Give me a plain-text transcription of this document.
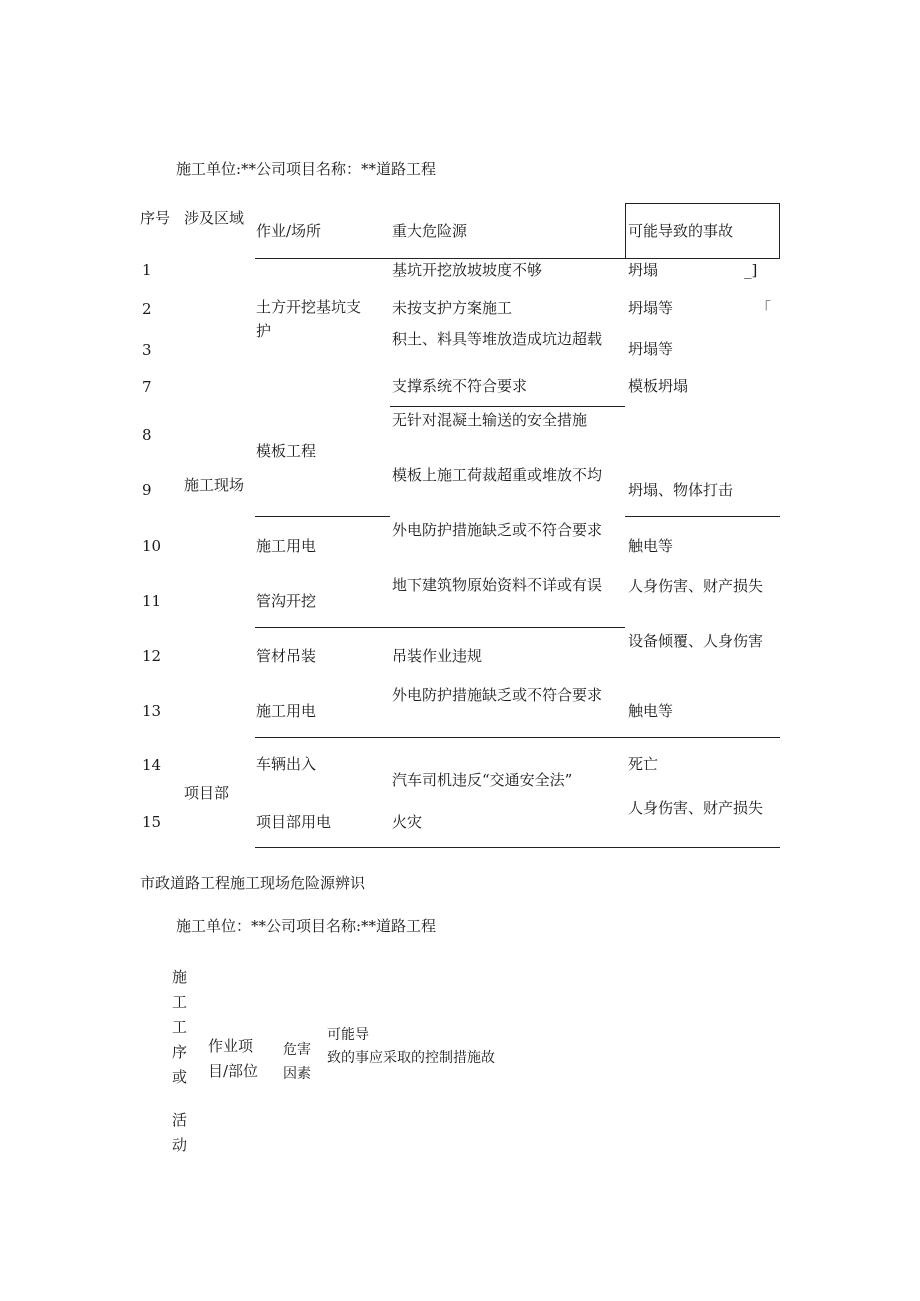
施工单位:**公司项目名称：**道路工程
序号 涉及区域
作业/场所	重大危险源	可能导致的事故
1
2
3
7
8
9
10
11
12
13
14
15
施工现场
项目部
土方开挖基坑支护
模板工程
施工用电
管沟开挖
管材吊装
施工用电
车辆出入
项目部用电
基坑开挖放坡坡度不够
未按支护方案施工
积土、料具等堆放造成坑边超载
支撑系统不符合要求
无针对混凝土输送的安全措施
模板上施工荷裁超重或堆放不均
外电防护措施缺乏或不符合要求
地下建筑物原始资料不详或有误
吊装作业违规
外电防护措施缺乏或不符合要求
汽车司机违反“交通安全法”
火灾
坍塌
坍塌等
坍塌等
模板坍塌
坍塌、物体打击
触电等
人身伤害、财产损失
设备倾覆、人身伤害
触电等
死亡
人身伤害、财产损失
_]
「
市政道路工程施工现场危险源辨识
施工单位：**公司项目名称:**道路工程
施
工
工
序
或
活
动
作业项
目/部位
危害
因素
可能导
致的事应采取的控制措施故
